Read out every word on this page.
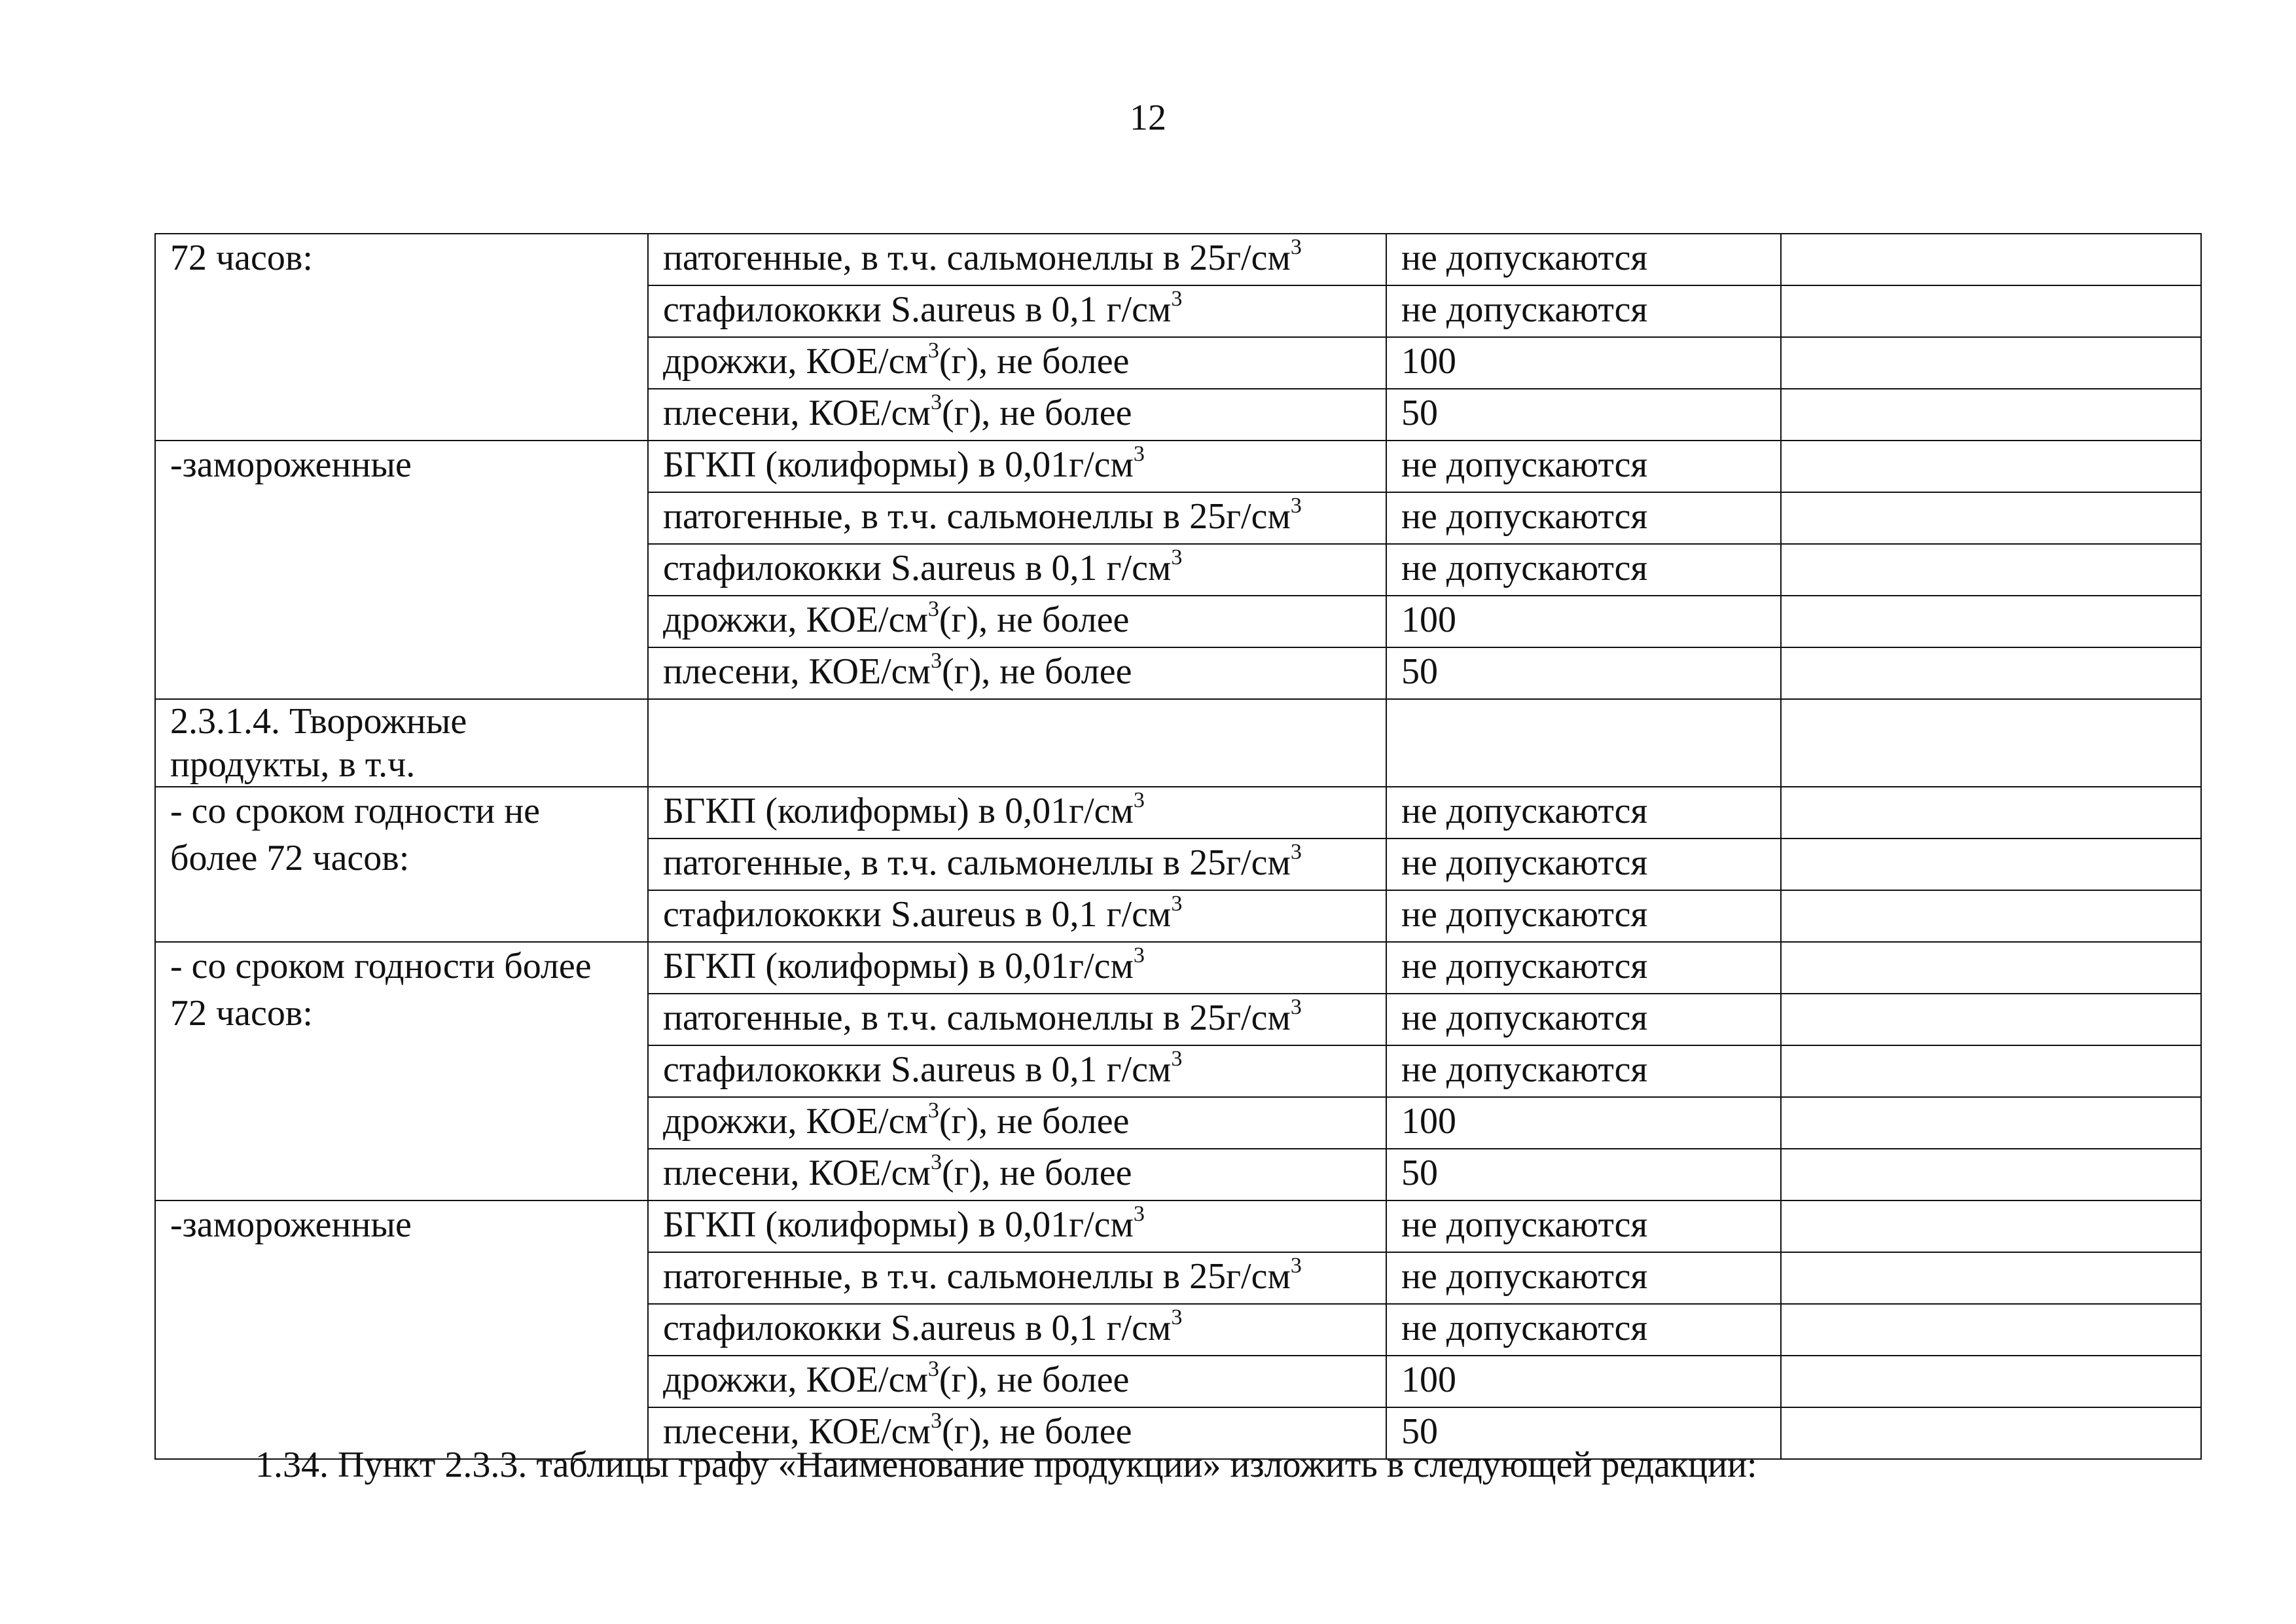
12
72 часов:	патогенные, в т.ч. сальмонеллы в $25г/см^3$	не допускаются	
	стафилококки S.aureus в 0,1 $г/см^3$	не допускаются	
	дрожжи, КОЕ/$см^3(г)$, не более	100	
	плесени, КОЕ/$см^3(г)$, не более	50	
-замороженные	БГКП (колиформы) в $0,01г/см^3$	не допускаются	
	патогенные, в т.ч. сальмонеллы в $25г/см^3$	не допускаются	
	стафилококки S.aureus в 0,1 $г/см^3$	не допускаются	
	дрожжи, КОЕ/$см^3(г)$, не более	100	
	плесени, КОЕ/$см^3(г)$, не более	50	
2.3.1.4. Творожные продукты, в т.ч.			
- со сроком годности не более 72 часов:	БГКП (колиформы) в $0,01г/см^3$	не допускаются	
	патогенные, в т.ч. сальмонеллы в $25г/см^3$	не допускаются	
	стафилококки S.aureus в 0,1 $г/см^3$	не допускаются	
- со сроком годности более 72 часов:	БГКП (колиформы) в $0,01г/см^3$	не допускаются	
	патогенные, в т.ч. сальмонеллы в $25г/см^3$	не допускаются	
	стафилококки S.aureus в 0,1 $г/см^3$	не допускаются	
	дрожжи, КОЕ/$см^3(г)$, не более	100	
	плесени, КОЕ/$см^3(г)$, не более	50	
-замороженные	БГКП (колиформы) в $0,01г/см^3$	не допускаются	
	патогенные, в т.ч. сальмонеллы в $25г/см^3$	не допускаются	
	стафилококки S.aureus в 0,1 $г/см^3$	не допускаются	
	дрожжи, КОЕ/$см^3(г)$, не более	100	
	плесени, КОЕ/$см^3(г)$, не более	50	
1.34. Пункт 2.3.3. таблицы графу «Наименование продукции» изложить в следующей редакции:
